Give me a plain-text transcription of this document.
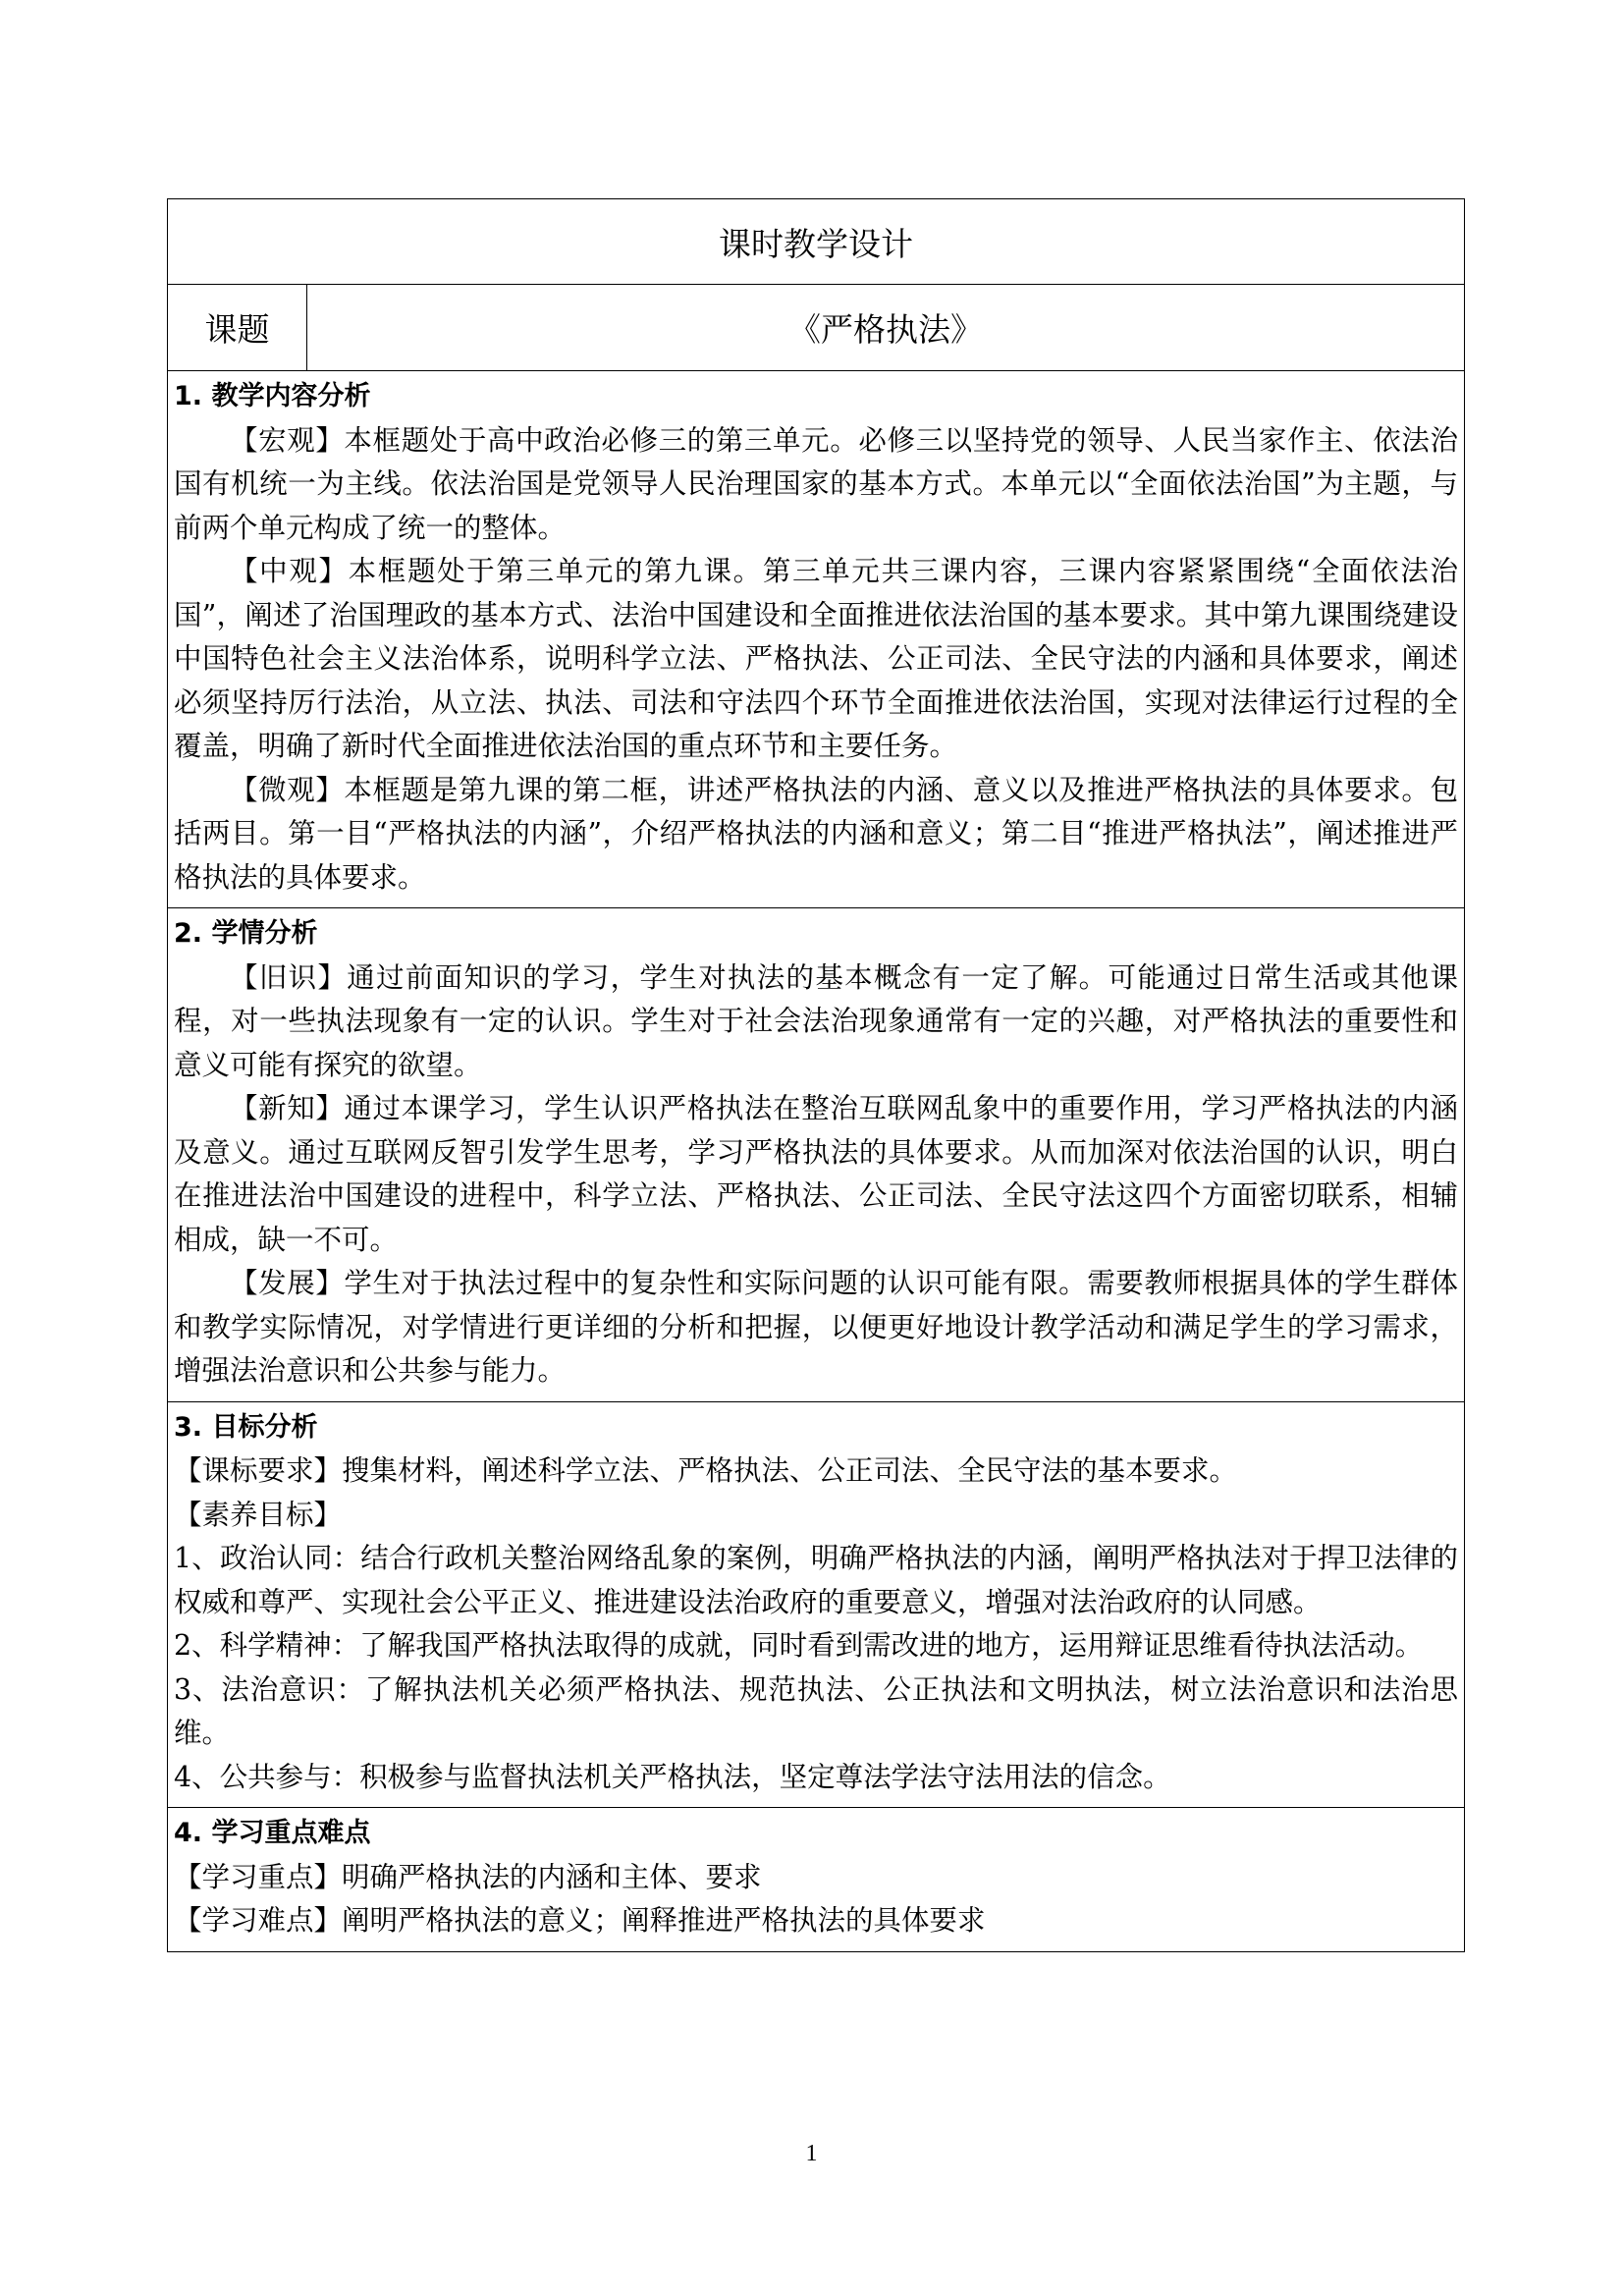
课时教学设计
课题	《严格执法》

1. 教学内容分析

【宏观】本框题处于高中政治必修三的第三单元。必修三以坚持党的领导、人民当家作主、依法治国有机统一为主线。依法治国是党领导人民治理国家的基本方式。本单元以“全面依法治国”为主题，与前两个单元构成了统一的整体。

【中观】本框题处于第三单元的第九课。第三单元共三课内容，三课内容紧紧围绕“全面依法治国”，阐述了治国理政的基本方式、法治中国建设和全面推进依法治国的基本要求。其中第九课围绕建设中国特色社会主义法治体系，说明科学立法、严格执法、公正司法、全民守法的内涵和具体要求，阐述必须坚持厉行法治，从立法、执法、司法和守法四个环节全面推进依法治国，实现对法律运行过程的全覆盖，明确了新时代全面推进依法治国的重点环节和主要任务。

【微观】本框题是第九课的第二框，讲述严格执法的内涵、意义以及推进严格执法的具体要求。包括两目。第一目“严格执法的内涵”，介绍严格执法的内涵和意义；第二目“推进严格执法”，阐述推进严格执法的具体要求。

2. 学情分析

【旧识】通过前面知识的学习，学生对执法的基本概念有一定了解。可能通过日常生活或其他课程，对一些执法现象有一定的认识。学生对于社会法治现象通常有一定的兴趣，对严格执法的重要性和意义可能有探究的欲望。

【新知】通过本课学习，学生认识严格执法在整治互联网乱象中的重要作用，学习严格执法的内涵及意义。通过互联网反智引发学生思考，学习严格执法的具体要求。从而加深对依法治国的认识，明白在推进法治中国建设的进程中，科学立法、严格执法、公正司法、全民守法这四个方面密切联系，相辅相成，缺一不可。

【发展】学生对于执法过程中的复杂性和实际问题的认识可能有限。需要教师根据具体的学生群体和教学实际情况，对学情进行更详细的分析和把握，以便更好地设计教学活动和满足学生的学习需求，增强法治意识和公共参与能力。

3. 目标分析

【课标要求】搜集材料，阐述科学立法、严格执法、公正司法、全民守法的基本要求。

【素养目标】

1、政治认同：结合行政机关整治网络乱象的案例，明确严格执法的内涵，阐明严格执法对于捍卫法律的权威和尊严、实现社会公平正义、推进建设法治政府的重要意义，增强对法治政府的认同感。

2、科学精神：了解我国严格执法取得的成就，同时看到需改进的地方，运用辩证思维看待执法活动。

3、法治意识：了解执法机关必须严格执法、规范执法、公正执法和文明执法，树立法治意识和法治思维。

4、公共参与：积极参与监督执法机关严格执法，坚定尊法学法守法用法的信念。

4. 学习重点难点

【学习重点】明确严格执法的内涵和主体、要求

【学习难点】阐明严格执法的意义；阐释推进严格执法的具体要求

1
